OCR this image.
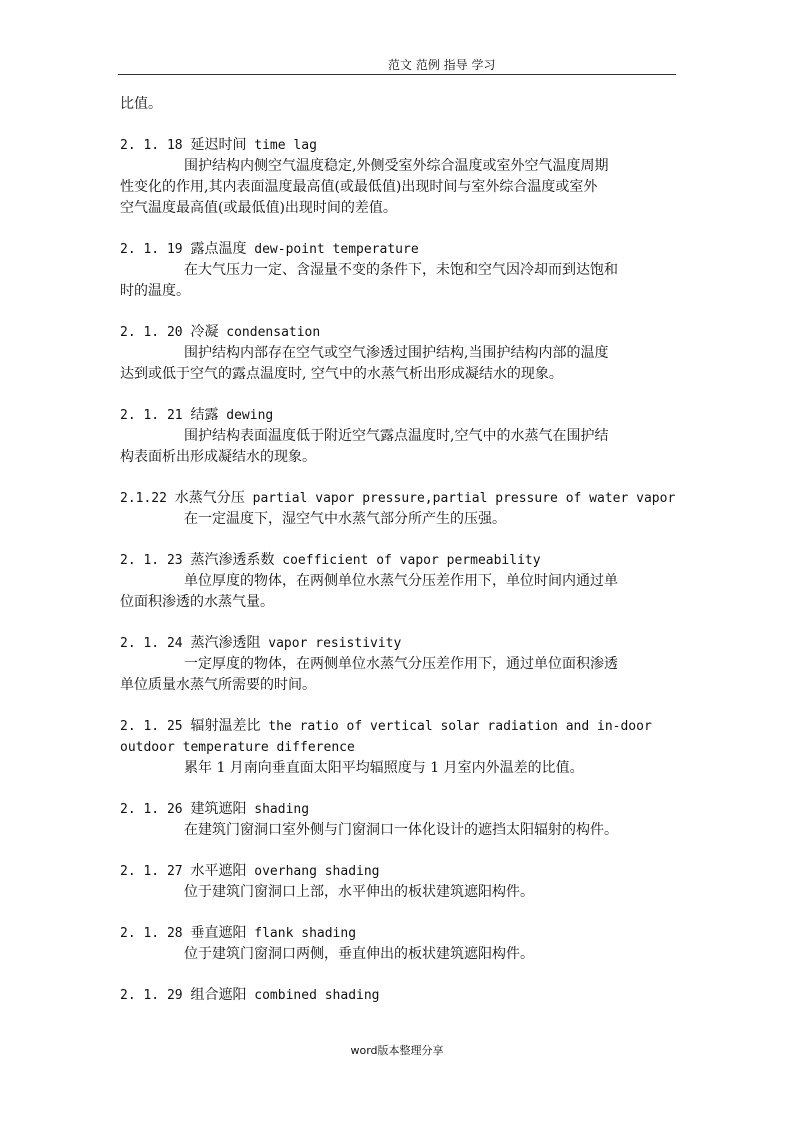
范文 范例 指导 学习
比值。
2. 1. 18 延迟时间 time lag
围护结构内侧空气温度稳定,外侧受室外综合温度或室外空气温度周期
性变化的作用,其内表面温度最高值(或最低值)出现时间与室外综合温度或室外
空气温度最高值(或最低值)出现时间的差值。
2. 1. 19 露点温度 dew-point temperature
在大气压力一定、含湿量不变的条件下，未饱和空气因冷却而到达饱和
时的温度。
2. 1. 20 冷凝 condensation
围护结构内部存在空气或空气渗透过围护结构,当围护结构内部的温度
达到或低于空气的露点温度时, 空气中的水蒸气析出形成凝结水的现象。
2. 1. 21 结露 dewing
围护结构表面温度低于附近空气露点温度时,空气中的水蒸气在围护结
构表面析出形成凝结水的现象。
2.1.22 水蒸气分压 partial vapor pressure,partial pressure of water vapor
在一定温度下，湿空气中水蒸气部分所产生的压强。
2. 1. 23 蒸汽渗透系数 coefficient of vapor permeability
单位厚度的物体，在两侧单位水蒸气分压差作用下，单位时间内通过单
位面积渗透的水蒸气量。
2. 1. 24 蒸汽渗透阻 vapor resistivity
一定厚度的物体，在两侧单位水蒸气分压差作用下，通过单位面积渗透
单位质量水蒸气所需要的时间。
2. 1. 25 辐射温差比 the ratio of vertical solar radiation and in-door
outdoor temperature difference
累年 1 月南向垂直面太阳平均辐照度与 1 月室内外温差的比值。
2. 1. 26 建筑遮阳 shading
在建筑门窗洞口室外侧与门窗洞口一体化设计的遮挡太阳辐射的构件。
2. 1. 27 水平遮阳 overhang shading
位于建筑门窗洞口上部，水平伸出的板状建筑遮阳构件。
2. 1. 28 垂直遮阳 flank shading
位于建筑门窗洞口两侧，垂直伸出的板状建筑遮阳构件。
2. 1. 29 组合遮阳 combined shading
word版本整理分享
